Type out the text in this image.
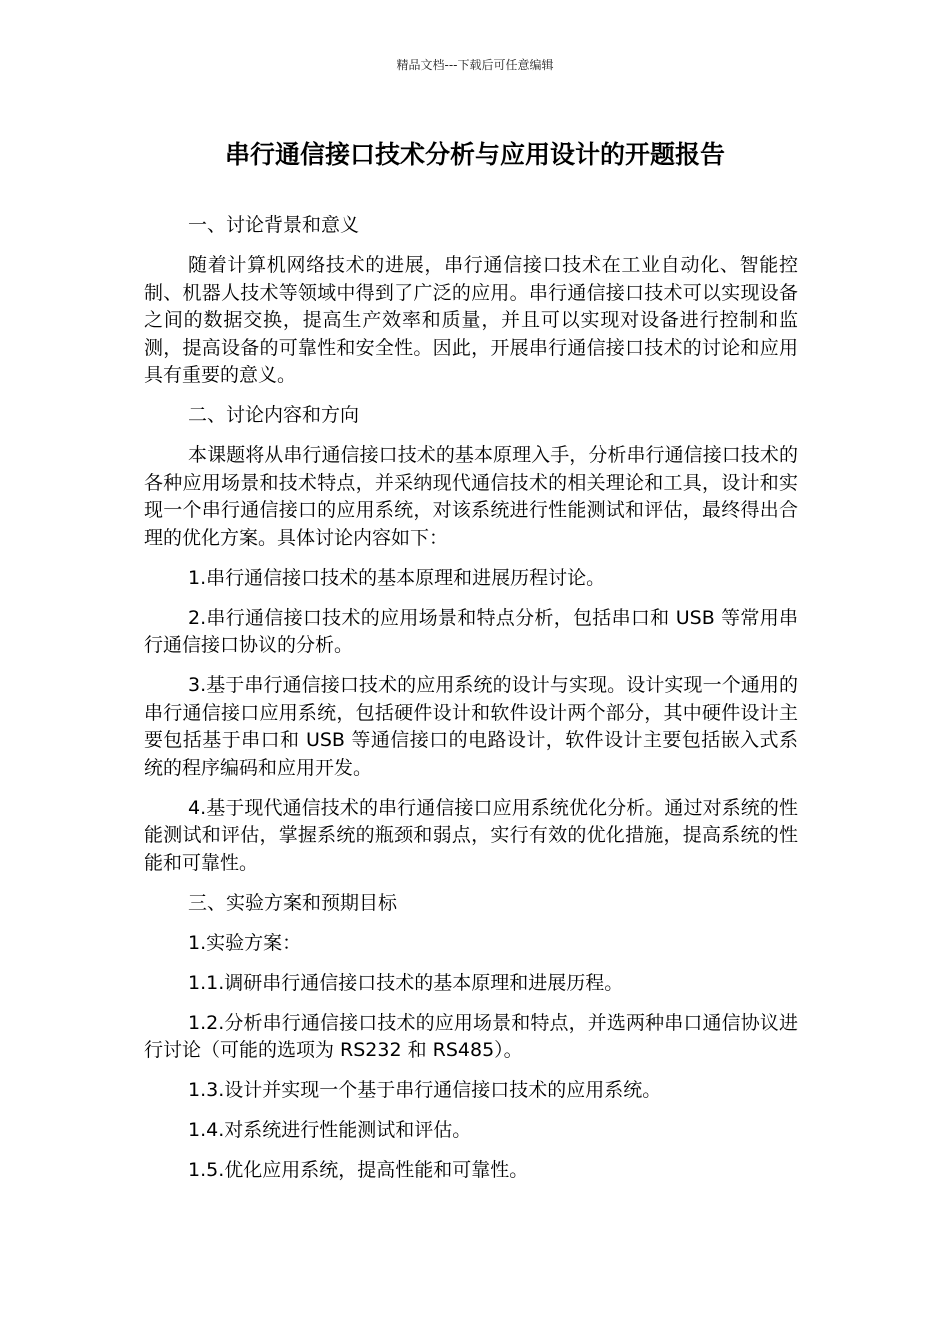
精品文档---下载后可任意编辑
串行通信接口技术分析与应用设计的开题报告

一、讨论背景和意义

随着计算机网络技术的进展，串行通信接口技术在工业自动化、智能控制、机器人技术等领域中得到了广泛的应用。串行通信接口技术可以实现设备之间的数据交换，提高生产效率和质量，并且可以实现对设备进行控制和监测，提高设备的可靠性和安全性。因此，开展串行通信接口技术的讨论和应用具有重要的意义。

二、讨论内容和方向

本课题将从串行通信接口技术的基本原理入手，分析串行通信接口技术的各种应用场景和技术特点，并采纳现代通信技术的相关理论和工具，设计和实现一个串行通信接口的应用系统，对该系统进行性能测试和评估，最终得出合理的优化方案。具体讨论内容如下：

1.串行通信接口技术的基本原理和进展历程讨论。

2.串行通信接口技术的应用场景和特点分析，包括串口和 USB 等常用串行通信接口协议的分析。

3.基于串行通信接口技术的应用系统的设计与实现。设计实现一个通用的串行通信接口应用系统，包括硬件设计和软件设计两个部分，其中硬件设计主要包括基于串口和 USB 等通信接口的电路设计，软件设计主要包括嵌入式系统的程序编码和应用开发。

4.基于现代通信技术的串行通信接口应用系统优化分析。通过对系统的性能测试和评估，掌握系统的瓶颈和弱点，实行有效的优化措施，提高系统的性能和可靠性。

三、实验方案和预期目标

1.实验方案：

1.1.调研串行通信接口技术的基本原理和进展历程。

1.2.分析串行通信接口技术的应用场景和特点，并选两种串口通信协议进行讨论（可能的选项为 RS232 和 RS485）。

1.3.设计并实现一个基于串行通信接口技术的应用系统。

1.4.对系统进行性能测试和评估。

1.5.优化应用系统，提高性能和可靠性。
